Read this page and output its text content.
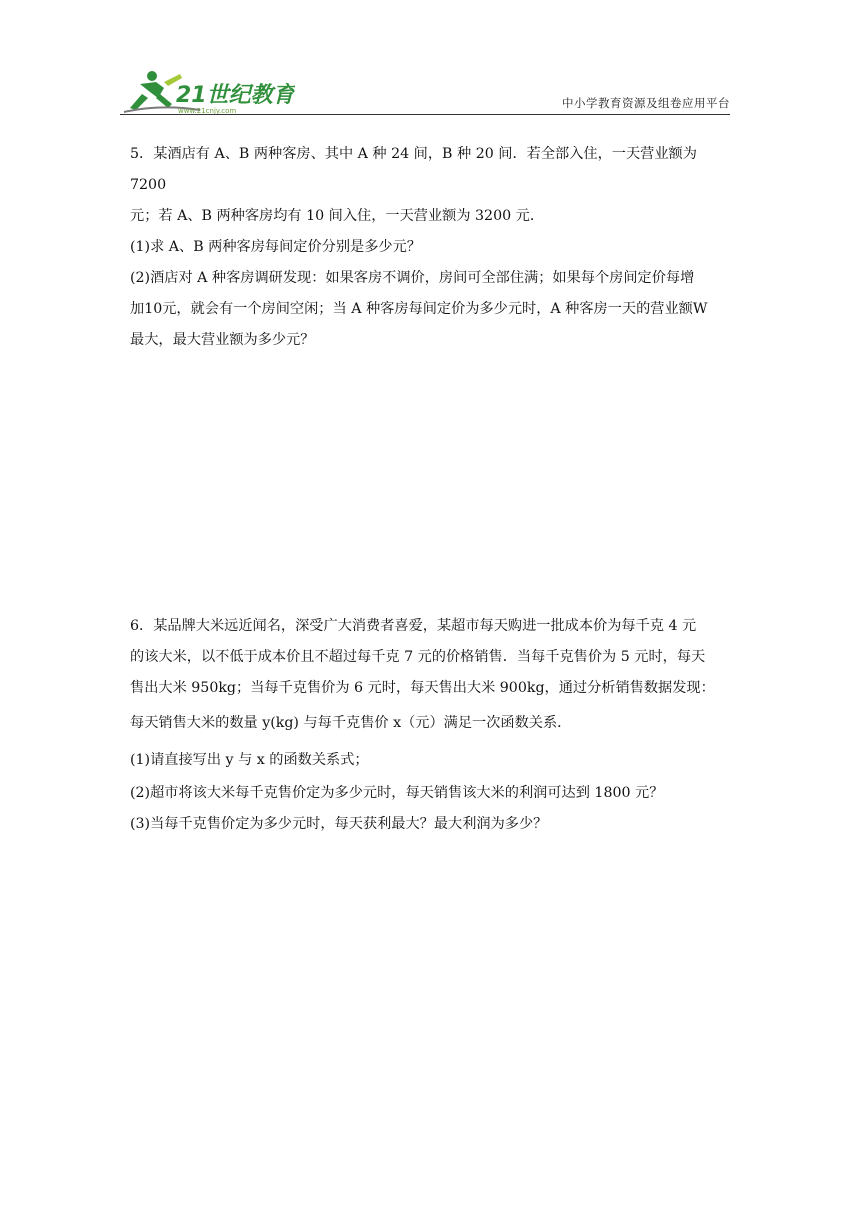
21世纪教育
www.21cnjy.com
中小学教育资源及组卷应用平台

5．某酒店有 A、B 两种客房、其中 A 种 24 间，B 种 20 间．若全部入住，一天营业额为 7200

元；若 A、B 两种客房均有 10 间入住，一天营业额为 3200 元．

(1)求 A、B 两种客房每间定价分别是多少元？

(2)酒店对 A 种客房调研发现：如果客房不调价，房间可全部住满；如果每个房间定价每增

加10元，就会有一个房间空闲；当 A 种客房每间定价为多少元时，A 种客房一天的营业额W

最大，最大营业额为多少元？

6．某品牌大米远近闻名，深受广大消费者喜爱，某超市每天购进一批成本价为每千克 4 元

的该大米，以不低于成本价且不超过每千克 7 元的价格销售．当每千克售价为 5 元时，每天

售出大米 950kg；当每千克售价为 6 元时，每天售出大米 900kg，通过分析销售数据发现：

每天销售大米的数量 y(kg) 与每千克售价 x（元）满足一次函数关系．

(1)请直接写出 y 与 x 的函数关系式；

(2)超市将该大米每千克售价定为多少元时，每天销售该大米的利润可达到 1800 元？

(3)当每千克售价定为多少元时，每天获利最大？最大利润为多少？
